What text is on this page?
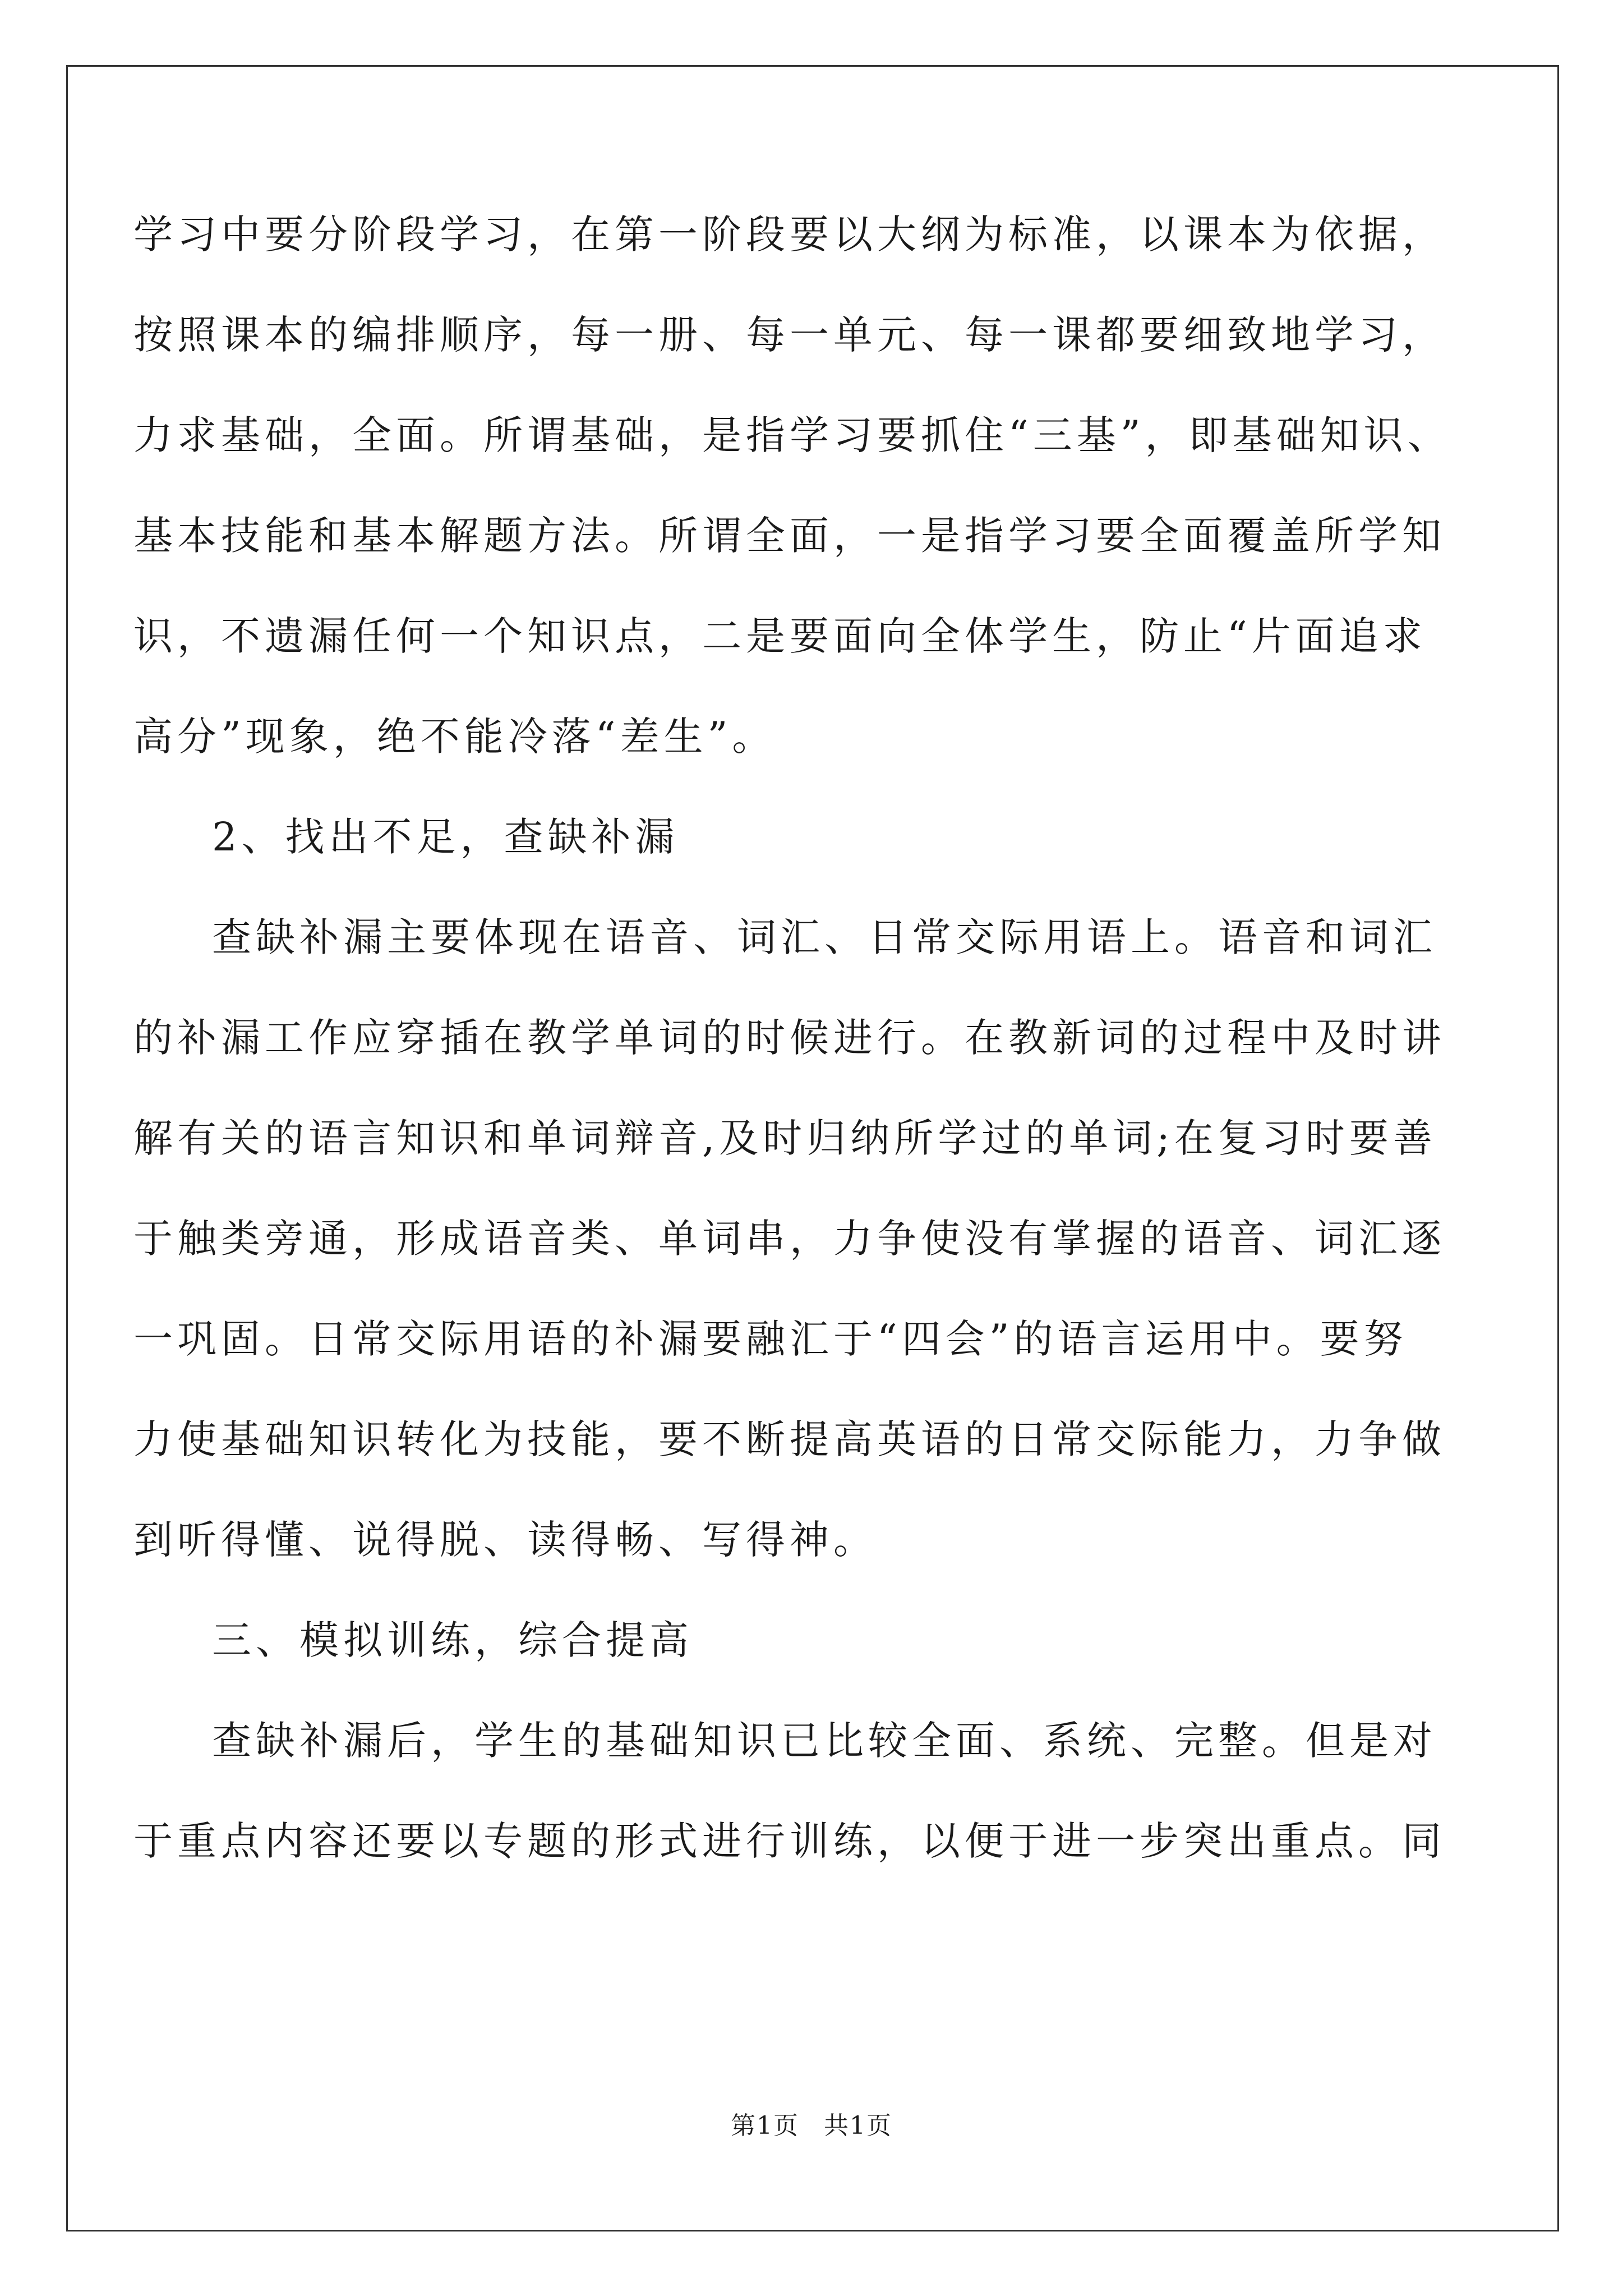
学习中要分阶段学习，在第一阶段要以大纲为标准，以课本为依据，
按照课本的编排顺序，每一册、每一单元、每一课都要细致地学习，
力求基础，全面。所谓基础，是指学习要抓住“三基”，即基础知识、
基本技能和基本解题方法。所谓全面，一是指学习要全面覆盖所学知
识，不遗漏任何一个知识点，二是要面向全体学生，防止“片面追求
高分”现象，绝不能冷落“差生”。
2、找出不足，查缺补漏
查缺补漏主要体现在语音、词汇、日常交际用语上。语音和词汇
的补漏工作应穿插在教学单词的时候进行。在教新词的过程中及时讲
解有关的语言知识和单词辩音,及时归纳所学过的单词;在复习时要善
于触类旁通，形成语音类、单词串，力争使没有掌握的语音、词汇逐
一巩固。日常交际用语的补漏要融汇于“四会”的语言运用中。要努
力使基础知识转化为技能，要不断提高英语的日常交际能力，力争做
到听得懂、说得脱、读得畅、写得神。
三、模拟训练，综合提高
查缺补漏后，学生的基础知识已比较全面、系统、完整。但是对
于重点内容还要以专题的形式进行训练，以便于进一步突出重点。同
第1页 共1页
